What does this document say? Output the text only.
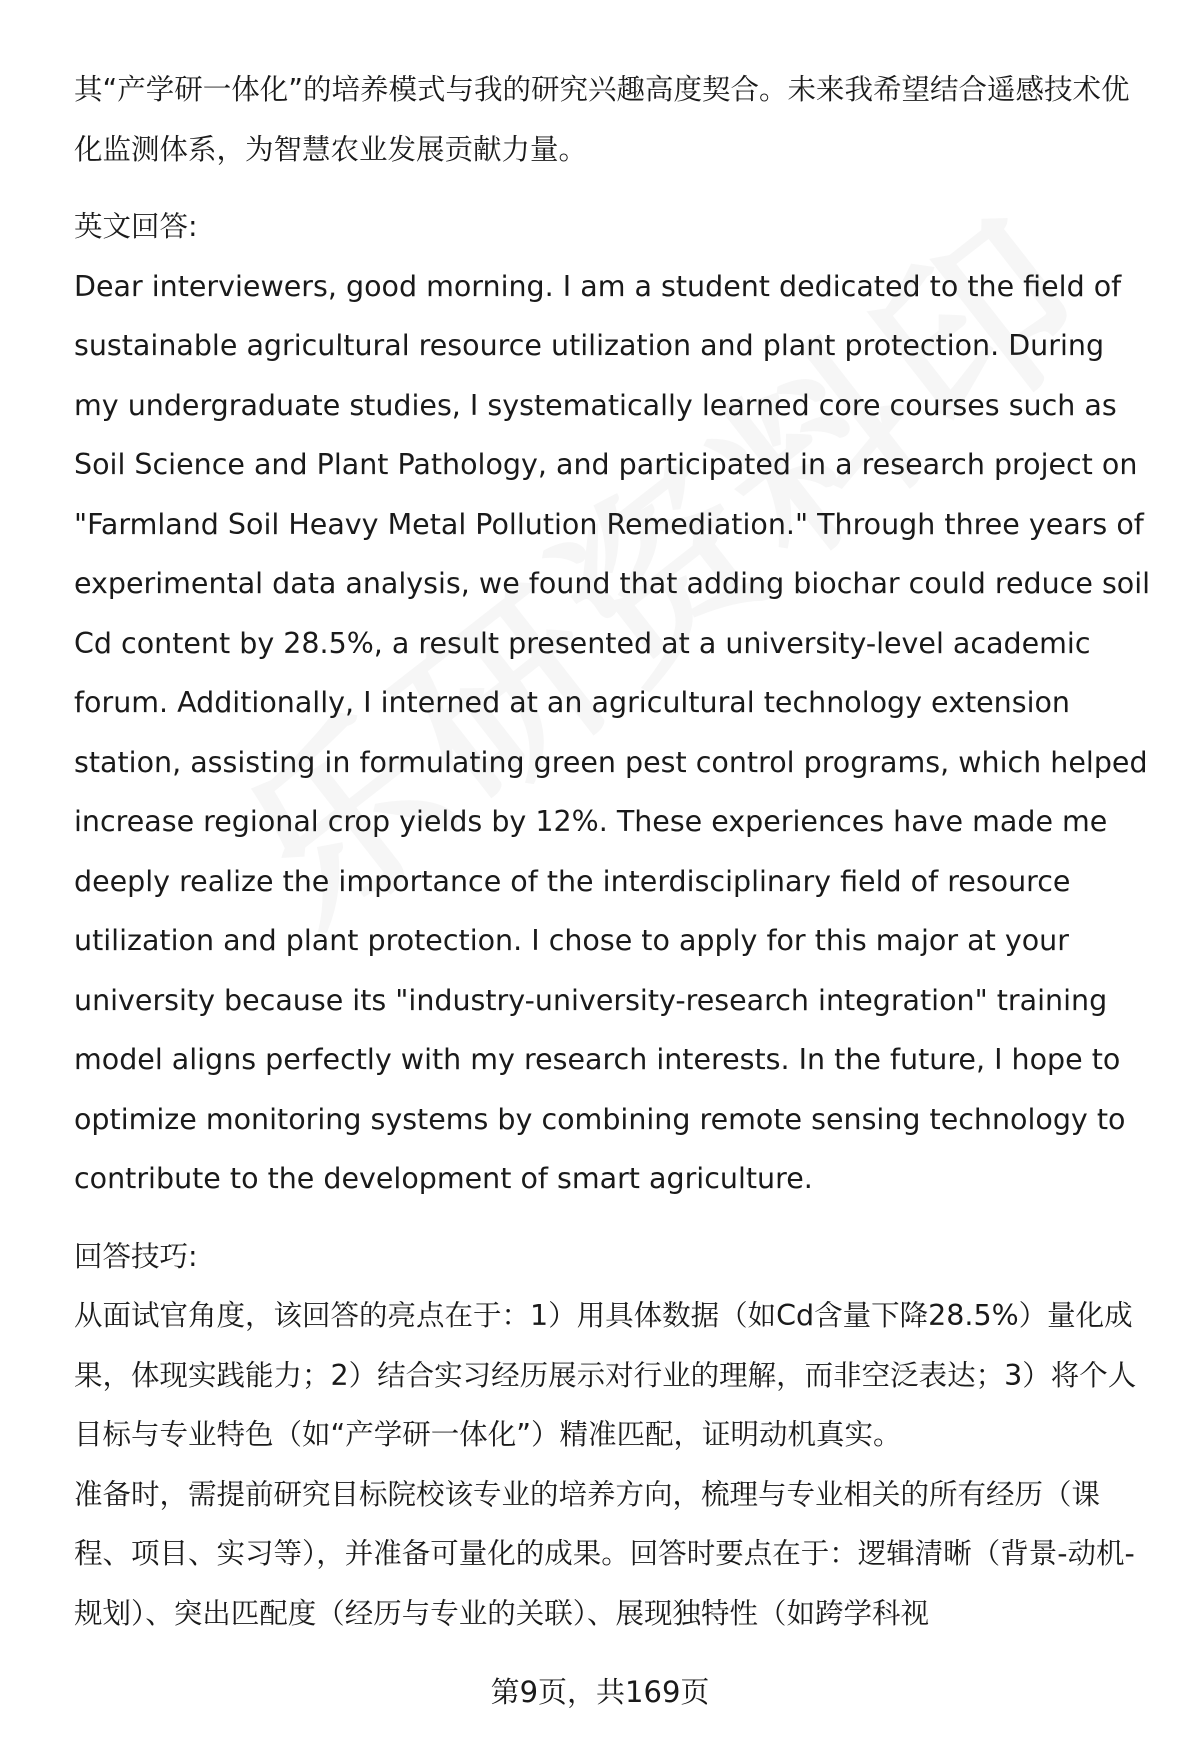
其“产学研一体化”的培养模式与我的研究兴趣高度契合。未来我希望结合遥感技术优化监测体系，为智慧农业发展贡献力量。

英文回答:

Dear interviewers, good morning. I am a student dedicated to the field of sustainable agricultural resource utilization and plant protection. During my undergraduate studies, I systematically learned core courses such as Soil Science and Plant Pathology, and participated in a research project on "Farmland Soil Heavy Metal Pollution Remediation." Through three years of experimental data analysis, we found that adding biochar could reduce soil Cd content by 28.5%, a result presented at a university-level academic forum. Additionally, I interned at an agricultural technology extension station, assisting in formulating green pest control programs, which helped increase regional crop yields by 12%. These experiences have made me deeply realize the importance of the interdisciplinary field of resource utilization and plant protection. I chose to apply for this major at your university because its "industry-university-research integration" training model aligns perfectly with my research interests. In the future, I hope to optimize monitoring systems by combining remote sensing technology to contribute to the development of smart agriculture.

回答技巧:

从面试官角度，该回答的亮点在于：1）用具体数据（如Cd含量下降28.5%）量化成果，体现实践能力；2）结合实习经历展示对行业的理解，而非空泛表达；3）将个人目标与专业特色（如“产学研一体化”）精准匹配，证明动机真实。

准备时，需提前研究目标院校该专业的培养方向，梳理与专业相关的所有经历（课程、项目、实习等），并准备可量化的成果。回答时要点在于：逻辑清晰（背景-动机-规划）、突出匹配度（经历与专业的关联）、展现独特性（如跨学科视

第9页，共169页
